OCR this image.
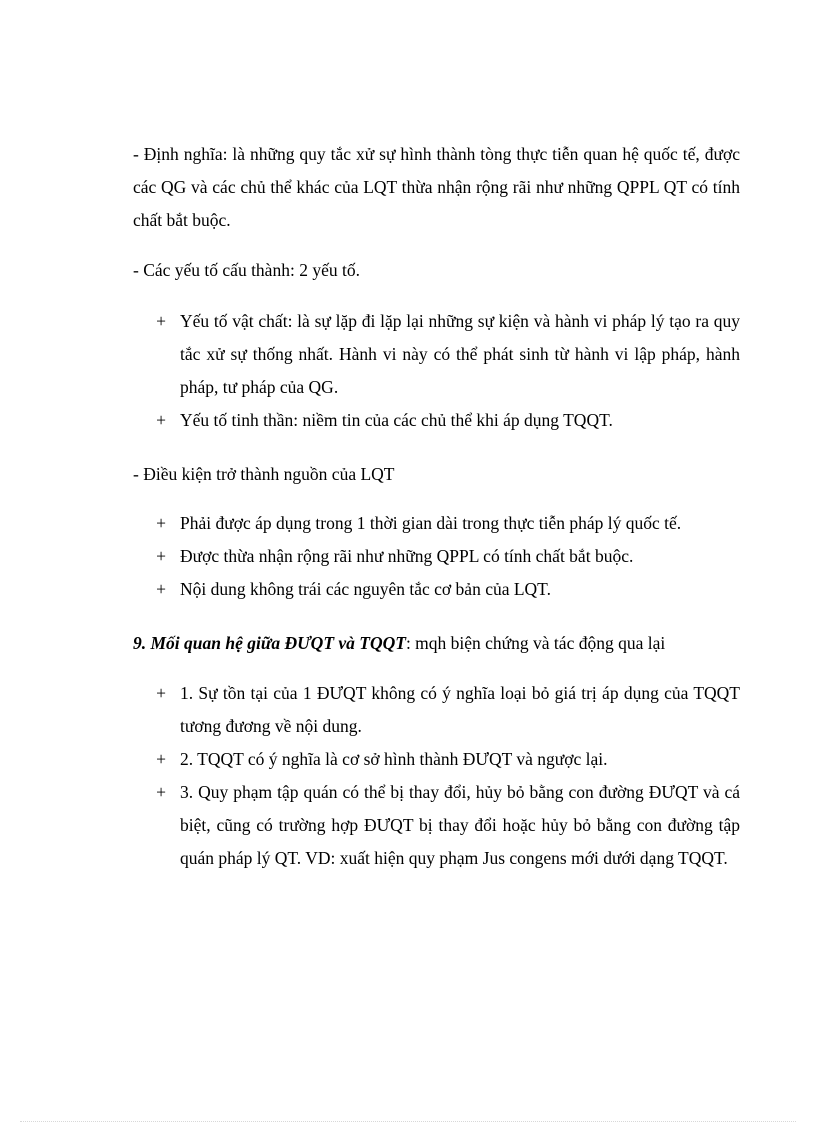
- Định nghĩa: là những quy tắc xử sự hình thành tòng thực tiễn quan hệ quốc tế, được các QG và các chủ thể khác của LQT thừa nhận rộng rãi như những QPPL QT có tính chất bắt buộc.

- Các yếu tố cấu thành: 2 yếu tố.

+ Yếu tố vật chất: là sự lặp đi lặp lại những sự kiện và hành vi pháp lý tạo ra quy tắc xử sự thống nhất. Hành vi này có thể phát sinh từ hành vi lập pháp, hành pháp, tư pháp của QG.
+ Yếu tố tinh thần: niềm tin của các chủ thể khi áp dụng TQQT.

- Điều kiện trở thành nguồn của LQT

+ Phải được áp dụng trong 1 thời gian dài trong thực tiễn pháp lý quốc tế.
+ Được thừa nhận rộng rãi như những QPPL có tính chất bắt buộc.
+ Nội dung không trái các nguyên tắc cơ bản của LQT.

9. Mối quan hệ giữa ĐƯQT và TQQT: mqh biện chứng và tác động qua lại

+ 1. Sự tồn tại của 1 ĐƯQT không có ý nghĩa loại bỏ giá trị áp dụng của TQQT tương đương về nội dung.
+ 2. TQQT có ý nghĩa là cơ sở hình thành ĐƯQT và ngược lại.
+ 3. Quy phạm tập quán có thể bị thay đổi, hủy bỏ bằng con đường ĐƯQT và cá biệt, cũng có trường hợp ĐƯQT bị thay đổi hoặc hủy bỏ bằng con đường tập quán pháp lý QT. VD: xuất hiện quy phạm Jus congens mới dưới dạng TQQT.
